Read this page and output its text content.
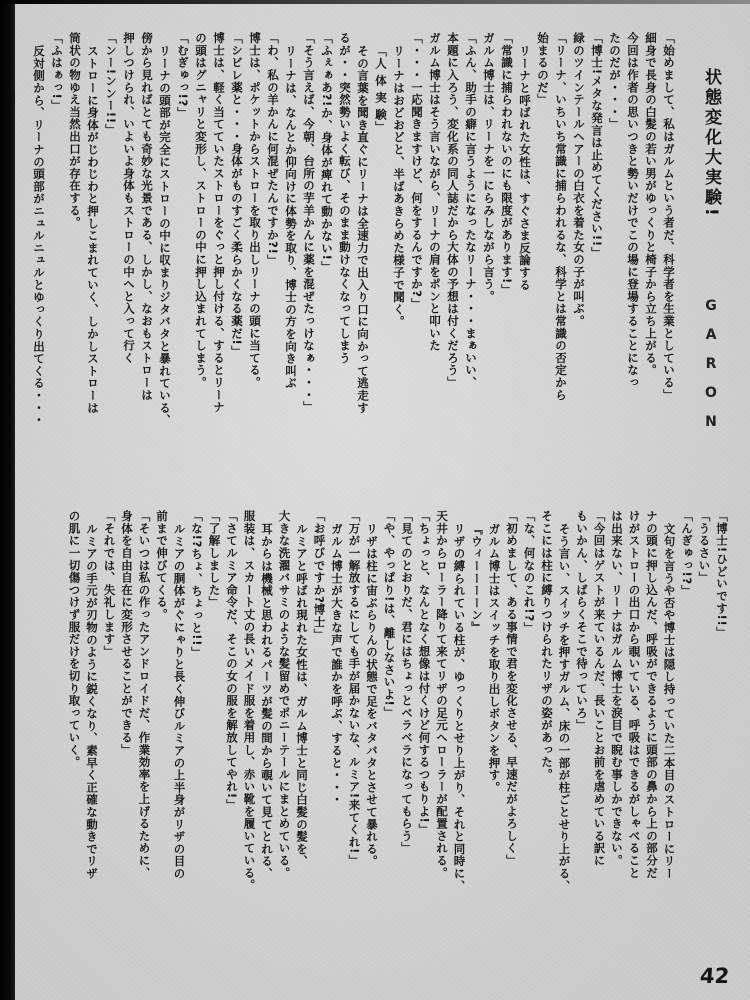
状態変化大実験!
GARON
「始めまして、私はガルムという者だ、科学者を生業としている」
細身で長身の白髪の若い男がゆっくりと椅子から立ち上がる。
今回は作者の思いつきと勢いだけでこの場に登場することになっ
たのだが・・・」
「博士!メタな発言は止めてください!!」
緑のツインテールヘアーの白衣を着た女の子が叫ぶ。
「リーナ、いちいち常識に捕らわれるな、科学とは常識の否定から
始まるのだ」
リーナと呼ばれた女性は、すぐさま反論する
「常識に捕らわれないのにも限度があります!」
ガルム博士は、リーナを一にらみしながら言う。
「ふん、助手の癖に言うようになったなリーナ・・・まぁいい、
本題に入ろう、変化系の同人誌だから大体の予想は付くだろう」
ガルム博士はそう言いながら、リーナの肩をポンと叩いた
「・・・一応聞きますけど、何をするんですか?」
リーナはおどおどと、半ばあきらめた様子で聞く。
「人 体 実 験」
その言葉を聞き直ぐにリーナは全速力で出入り口に向かって逃走す
るが・・突然勢いよく転び、そのまま動けなくなってしまう
「ふぇぁあ?!か、身体が痺れて動かない!」
「そう言えば、今朝、台所の芋羊かんに薬を混ぜたっけなぁ・・・」
リーナは、なんとか仰向けに体勢を取り、博士の方を向き叫ぶ
「わ、私の羊かんに何混ぜたんですか?!」
博士は、ポケットからストローを取り出しリーナの頭に当てる。
「シビレ薬と・・・身体がものすごく柔らかくなる薬だ!」
博士は、軽く当てていたストローをぐっと押し付ける、するとリーナ
の頭はグニャリと変形し、ストローの中に押し込まれてしまう。
「むぎゅっ!?」
リーナの頭部が完全にストローの中に収まりジタバタと暴れている、
傍から見ればとても奇妙な光景である、しかし、なおもストローは
押しつけられ、いよいよ身体もストローの中へと入って行く
「ンー!ンンー!!」
ストローに身体がじわじわと押しこまれていく、しかしストローは
筒状の物ゆえ当然出口が存在する。
「ふはぁっ!」
反対側から、リーナの頭部がニュルニュルとゆっくり出てくる・・・
「博士!ひどいです!!」
「うるさい」
「んぎゅっ!?」
文句を言うや否や博士は隠し持っていた二本目のストローにリー
ナの頭に押し込んだ、呼吸ができるように頭部の鼻から上の部分だ
けがストローの出口から覗いている、呼吸はできるがしゃべること
は出来ない、リーナはガルム博士を涙目で睨む事しかできない。
「今回はゲストが来ているんだ、長いことお前を虐めている訳に
もいかん、しばらくそこで待っていろ」
そう言い、スイッチを押すガルム、床の一部が柱ごとせり上がる、
そこには柱に縛りつけられたリザの姿があった。
「な、何なのこれ!?」
「初めまして、ある事情で君を変化させる、早速だがよろしく」
ガルム博士はスイッチを取り出しボタンを押す。
『ウィーーーーン』
リザの縛られている柱が、ゆっくりとせり上がり、それと同時に、
天井からローラー降りて来てリザの足元へローラーが配置される。
「ちょっと、なんとなく想像は付くけど何するつもりよ!」
「見てのとおりだ、君にはちょっとベラベラになってもらう」
「や、やっぱり!は、離しなさいよ!」
リザは柱に宙ぶらりんの状態で足をバタバタとさせて暴れる。
「万が一解放するにしても手が届かないな、ルミア!来てくれ!」
ガルム博士が大きな声で誰かを呼ぶ、すると・・・
「お呼びですか?博士」
ルミアと呼ばれ現れた女性は、ガルム博士と同じ白髪の髪を、
大きな洗濯バサミのような髪留めでポニーテールにまとめている。
耳からは機械と思われるパーツが髪の間から覗いて見てとれる、
服装は、スカート丈の長いメイド服を着用し、赤い靴を履いている。
「さてルミア命令だ、そこの女の服を解放してやれ!」
「了解しました」
「な!?ちょ、ちょっと!!」
ルミアの胴体がぐにゃりと長く伸びルミアの上半身がリザの目の
前まで伸びてくる。
「そいつは私の作ったアンドロイドだ、作業効率を上げるために、
身体を自由自在に変形させることができる」
「それでは、失礼します」
ルミアの手元が刃物のように鋭くなり、素早く正確な動きでリザ
の肌に一切傷つけず服だけを切り取っていく。
42
